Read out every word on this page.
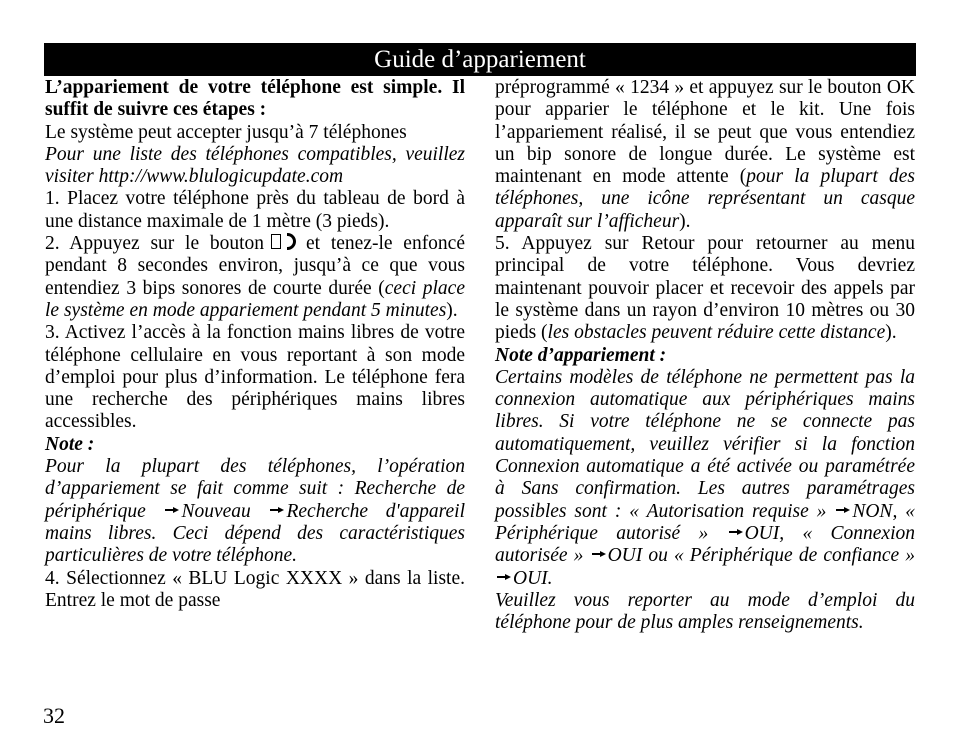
Guide d’appariement

L’appariement de votre téléphone est simple. Il suffit de suivre ces étapes :

Le système peut accepter jusqu’à 7 téléphones

Pour une liste des téléphones compatibles, veuillez visiter http://www.blulogicupdate.com

1. Placez votre téléphone près du tableau de bord à une distance maximale de 1 mètre (3 pieds).

2. Appuyez sur le bouton et tenez-le enfoncé pendant 8 secondes environ, jusqu’à ce que vous entendiez 3 bips sonores de courte durée (ceci place le système en mode appariement pendant 5 minutes).

3. Activez l’accès à la fonction mains libres de votre téléphone cellulaire en vous reportant à son mode d’emploi pour plus d’information. Le téléphone fera une recherche des périphériques mains libres accessibles.

Note :

Pour la plupart des téléphones, l’opération d’appariement se fait comme suit : Recherche de périphérique Nouveau Recherche d'appareil mains libres. Ceci dépend des caractéristiques particulières de votre téléphone.

4. Sélectionnez « BLU Logic XXXX » dans la liste. Entrez le mot de passe

préprogrammé « 1234 » et appuyez sur le bouton OK pour apparier le téléphone et le kit. Une fois l’appariement réalisé, il se peut que vous entendiez un bip sonore de longue durée. Le système est maintenant en mode attente (pour la plupart des téléphones, une icône représentant un casque apparaît sur l’afficheur).

5. Appuyez sur Retour pour retourner au menu principal de votre téléphone. Vous devriez maintenant pouvoir placer et recevoir des appels par le système dans un rayon d’environ 10 mètres ou 30 pieds (les obstacles peuvent réduire cette distance).

Note d’appariement :

Certains modèles de téléphone ne permettent pas la connexion automatique aux périphériques mains libres. Si votre téléphone ne se connecte pas automatiquement, veuillez vérifier si la fonction Connexion automatique a été activée ou paramétrée à Sans confirmation. Les autres paramétrages possibles sont : « Autorisation requise » NON, « Périphérique autorisé » OUI, « Connexion autorisée » OUI ou « Périphérique de confiance » OUI.

Veuillez vous reporter au mode d’emploi du téléphone pour de plus amples renseignements.

32
